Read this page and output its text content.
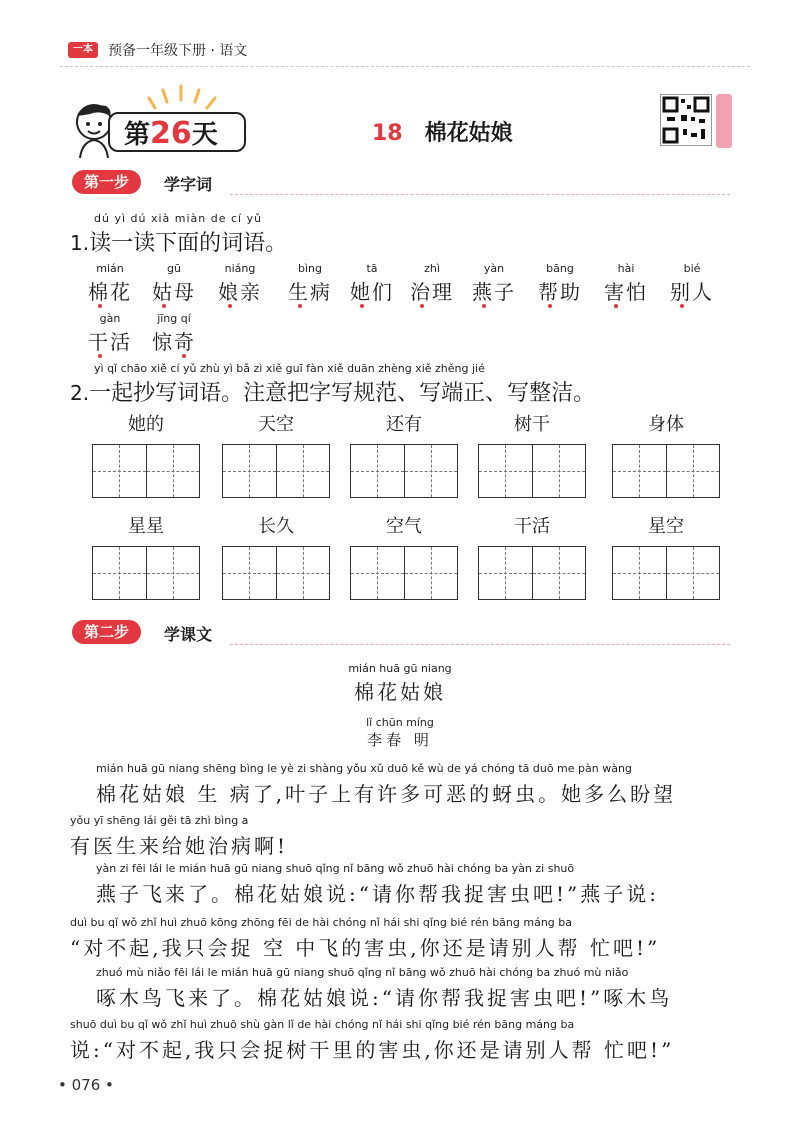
一本	预备一年级下册 · 语文
第26天	18 棉花姑娘
第一步	学字词
dú yì dú xià miàn de cí yǔ
1.读一读下面的词语。
mián
棉花
gū
姑母
niáng
娘亲
bìng
生病
tā
她们
zhì
治理
yàn
燕子
bāng
帮助
hài
害怕
bié
别人
gàn
干活
jīng qí
惊奇
yì qǐ chāo xiě cí yǔ zhù yì bǎ zì xiě guī fàn xiě duān zhèng xiě zhěng jié
2.一起抄写词语。注意把字写规范、写端正、写整洁。
她的	天空	还有	树干	身体
星星	长久	空气	干活	星空
第二步	学课文
mián huā gū niang
棉花姑娘
lǐ chūn míng
李春 明
mián huā gū niang shēng bìng le yè zi shàng yǒu xǔ duō kě wù de yá chóng tā duō me pàn wàng
棉花姑娘 生 病了,叶子上有许多可恶的蚜虫。她多么盼望
yǒu yī shēng lái gěi tā zhì bìng a
有医生来给她治病啊!
yàn zi fēi lái le mián huā gū niang shuō qǐng nǐ bāng wǒ zhuō hài chóng ba yàn zi shuō
燕子飞来了。棉花姑娘说:“请你帮我捉害虫吧!”燕子说:
duì bu qǐ wǒ zhǐ huì zhuō kōng zhōng fēi de hài chóng nǐ hái shi qǐng bié rén bāng máng ba
“对不起,我只会捉 空 中飞的害虫,你还是请别人帮 忙吧!”
zhuó mù niǎo fēi lái le mián huā gū niang shuō qǐng nǐ bāng wǒ zhuō hài chóng ba zhuó mù niǎo
啄木鸟飞来了。棉花姑娘说:“请你帮我捉害虫吧!”啄木鸟
shuō duì bu qǐ wǒ zhǐ huì zhuō shù gàn lǐ de hài chóng nǐ hái shi qǐng bié rén bāng máng ba
说:“对不起,我只会捉树干里的害虫,你还是请别人帮 忙吧!”
• 076 •
